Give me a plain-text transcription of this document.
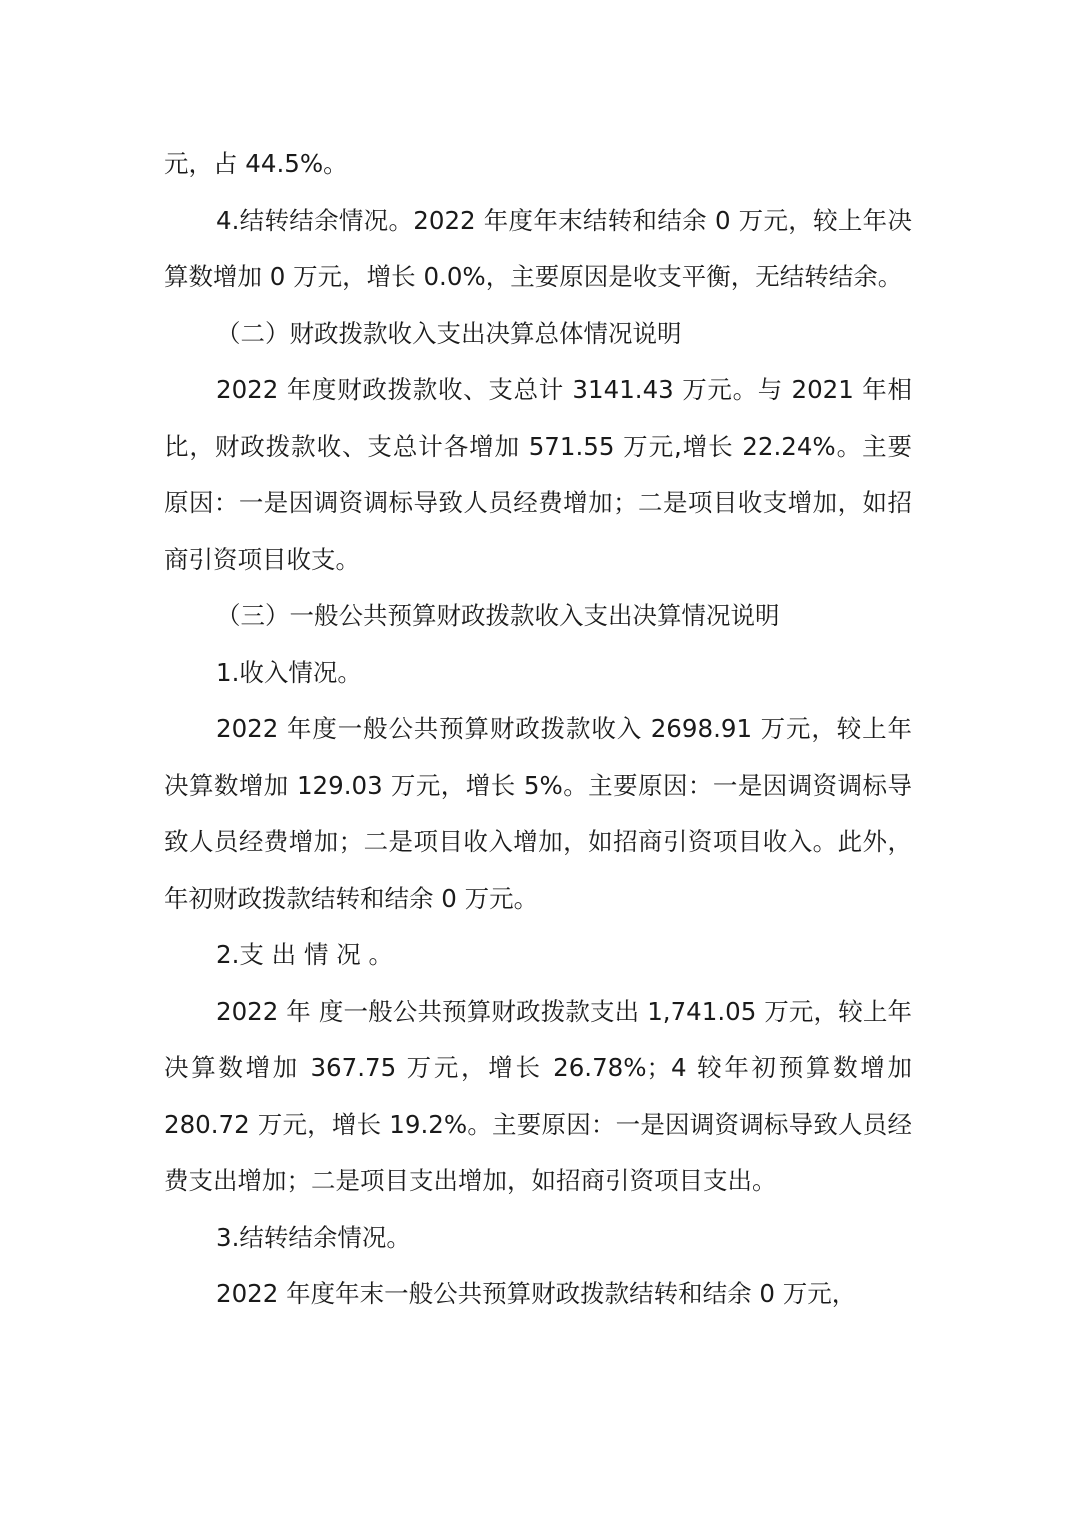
元，占 44.5%。

4.结转结余情况。2022 年度年末结转和结余 0 万元，较上年决算数增加 0 万元，增长 0.0%，主要原因是收支平衡，无结转结余。

（二）财政拨款收入支出决算总体情况说明

2022 年度财政拨款收、支总计 3141.43 万元。与 2021 年相比，财政拨款收、支总计各增加 571.55 万元,增长 22.24%。主要原因：一是因调资调标导致人员经费增加；二是项目收支增加，如招商引资项目收支。

（三）一般公共预算财政拨款收入支出决算情况说明

1.收入情况。

2022 年度一般公共预算财政拨款收入 2698.91 万元，较上年决算数增加 129.03 万元，增长 5%。主要原因：一是因调资调标导致人员经费增加；二是项目收入增加，如招商引资项目收入。此外，年初财政拨款结转和结余 0 万元。

2.支 出 情 况 。

2022 年 度一般公共预算财政拨款支出 1,741.05 万元，较上年决算数增加 367.75 万元，增长 26.78%；4 较年初预算数增加 280.72 万元，增长 19.2%。主要原因：一是因调资调标导致人员经费支出增加；二是项目支出增加，如招商引资项目支出。

3.结转结余情况。

2022 年度年末一般公共预算财政拨款结转和结余 0 万元，
